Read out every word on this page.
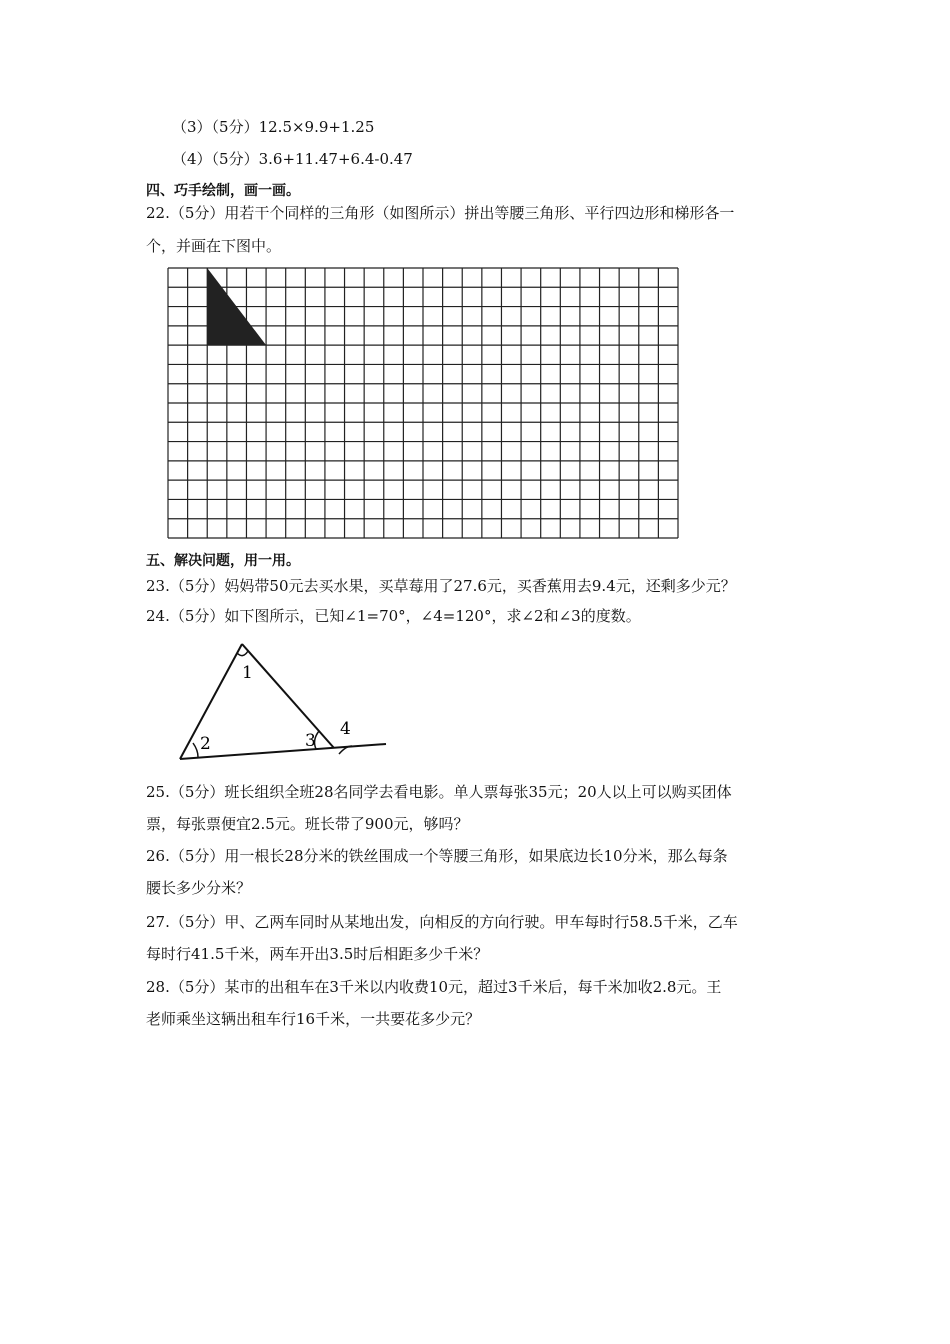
（3）（5分）12.5×9.9+1.25
（4）（5分）3.6+11.47+6.4-0.47
四、巧手绘制，画一画。
22.（5分）用若干个同样的三角形（如图所示）拼出等腰三角形、平行四边形和梯形各一
个，并画在下图中。
五、解决问题，用一用。
23.（5分）妈妈带50元去买水果，买草莓用了27.6元，买香蕉用去9.4元，还剩多少元？
24.（5分）如下图所示，已知∠1=70°，∠4=120°，求∠2和∠3的度数。
1
2	3
4
25.（5分）班长组织全班28名同学去看电影。单人票每张35元；20人以上可以购买团体
票，每张票便宜2.5元。班长带了900元，够吗？
26.（5分）用一根长28分米的铁丝围成一个等腰三角形，如果底边长10分米，那么每条
腰长多少分米？
27.（5分）甲、乙两车同时从某地出发，向相反的方向行驶。甲车每时行58.5千米，乙车
每时行41.5千米，两车开出3.5时后相距多少千米？
28.（5分）某市的出租车在3千米以内收费10元，超过3千米后，每千米加收2.8元。王
老师乘坐这辆出租车行16千米，一共要花多少元？
